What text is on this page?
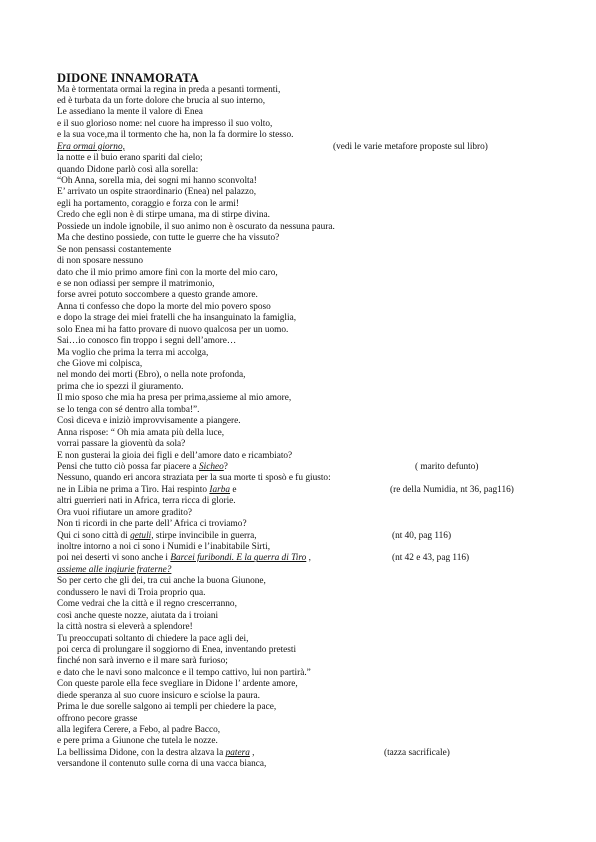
DIDONE INNAMORATA
Ma è tormentata ormai la regina in preda a pesanti tormenti,
ed è turbata da un forte dolore che brucia al suo interno,
Le assediano la mente il valore di Enea
e il suo glorioso nome: nel cuore ha impresso il suo volto,
e la sua voce,ma il tormento che ha, non la fa dormire lo stesso.
Era ormai giorno,	(vedi le varie metafore proposte sul libro)
la notte e il buio erano spariti dal cielo;
quando Didone parlò così alla sorella:
“Oh Anna, sorella mia, dei sogni mi hanno sconvolta!
E’ arrivato un ospite straordinario (Enea) nel palazzo,
egli ha portamento, coraggio e forza con le armi!
Credo che egli non è di stirpe umana, ma di stirpe divina.
Possiede un indole ignobile, il suo animo non è oscurato da nessuna paura.
Ma che destino possiede, con tutte le guerre che ha vissuto?
Se non pensassi costantemente
di non sposare nessuno
dato che il mio primo amore finì con la morte del mio caro,
e se non odiassi per sempre il matrimonio,
forse avrei potuto soccombere a questo grande amore.
Anna ti confesso che dopo la morte del mio povero sposo
e dopo la strage dei miei fratelli che ha insanguinato la famiglia,
solo Enea mi ha fatto provare di nuovo qualcosa per un uomo.
Sai…io conosco fin troppo i segni dell’amore…
Ma voglio che prima la terra mi accolga,
che Giove mi colpisca,
nel mondo dei morti (Ebro), o nella note profonda,
prima che io spezzi il giuramento.
Il mio sposo che mia ha presa per prima,assieme al mio amore,
se lo tenga con sé dentro alla tomba!”.
Così diceva e iniziò improvvisamente a piangere.
Anna rispose: “ Oh mia amata più della luce,
vorrai passare la gioventù da sola?
E non gusterai la gioia dei figli e dell’amore dato e ricambiato?
Pensi che tutto ciò possa far piacere a Sicheo?	( marito defunto)
Nessuno, quando eri ancora straziata per la sua morte ti sposò e fu giusto:
ne in Libia ne prima a Tiro. Hai respinto Iarba e	(re della Numidia, nt 36, pag116)
altri guerrieri nati in Africa, terra ricca di glorie.
Ora vuoi rifiutare un amore gradito?
Non ti ricordi in che parte dell’ Africa ci troviamo?
Qui ci sono città di getuli, stirpe invincibile in guerra,	(nt 40, pag 116)
inoltre intorno a noi ci sono i Numidi e l’inabitabile Sirti,
poi nei deserti vi sono anche i Barcei furibondi. E la guerra di Tiro ,	(nt 42 e 43, pag 116)
assieme alle ingiurie fraterne?
So per certo che gli dei, tra cui anche la buona Giunone,
condussero le navi di Troia proprio qua.
Come vedrai che la città e il regno crescerranno,
così anche queste nozze, aiutata da i troiani
la città nostra si eleverà a splendore!
Tu preoccupati soltanto di chiedere la pace agli dei,
poi cerca di prolungare il soggiorno di Enea, inventando pretesti
finché non sarà inverno e il mare sarà furioso;
e dato che le navi sono malconce e il tempo cattivo, lui non partirà.”
Con queste parole ella fece svegliare in Didone l’ ardente amore,
diede speranza al suo cuore insicuro e sciolse la paura.
Prima le due sorelle salgono ai templi per chiedere la pace,
offrono pecore grasse
alla legifera Cerere, a Febo, al padre Bacco,
e pere prima a Giunone che tutela le nozze.
La bellissima Didone, con la destra alzava la patera ,	(tazza sacrificale)
versandone il contenuto sulle corna di una vacca bianca,
